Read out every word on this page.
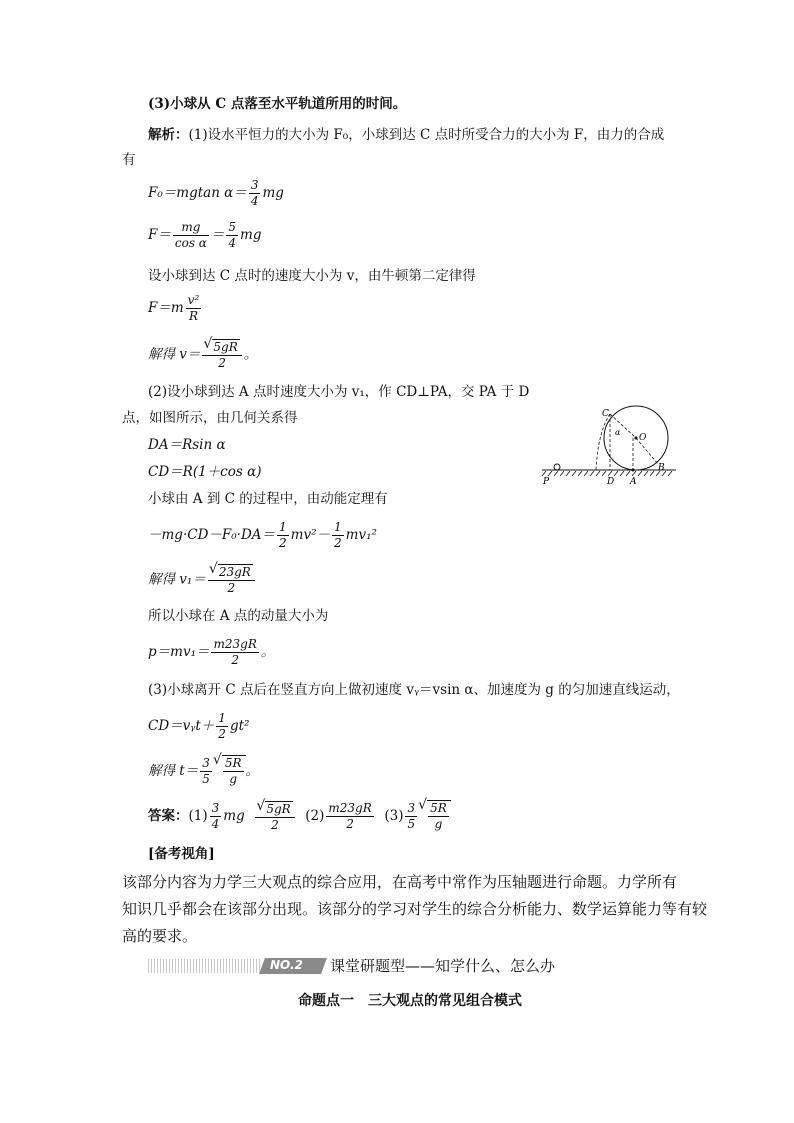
(3)小球从 C 点落至水平轨道所用的时间。
解析：(1)设水平恒力的大小为 F₀，小球到达 C 点时所受合力的大小为 F，由力的合成
有
F₀＝mgtan $\alpha= \frac{3}{4}$ mg
$F= \frac{mg}{\text{cos α}} = \frac{5}{4}$ mg
设小球到达 C 点时的速度大小为 v，由牛顿第二定律得
$F=m \frac{\text{v²}}{R}$
解得 v＝ √ $\frac{5gR}{2}$ 。
(2)设小球到达 A 点时速度大小为 v₁，作 CD⊥PA，交 PA 于 D
点，如图所示，由几何关系得
DA＝Rsin α
CD＝R(1＋cos α)
小球由 A 到 C 的过程中，由动能定理有
$-mg\cdot CD-F_0\cdot DA= \frac{1}{2} mv^2- \frac{1}{2} mv_1^2$
解得 v₁＝ √ $\frac{23gR}{2}$
所以小球在 A 点的动量大小为
$p=mv_1= \frac{m23gR}{2}$ 。
(3)小球离开 C 点后在竖直方向上做初速度 vᵧ＝vsin α、加速度为 g 的匀加速直线运动，
CD＝vᵧt＋ $\frac{1}{2} gt^2$
解得 $t= \frac{3}{5}$ √ $\frac{5R}{g}$ 。
答案：$(1) \frac{3}{4}$ mg √ $\frac{5gR}{2} (2) \frac{m23gR}{2} (3) \frac{3}{5}$ √ $\frac{5R}{g}$
[备考视角]
该部分内容为力学三大观点的综合应用，在高考中常作为压轴题进行命题。力学所有
知识几乎都会在该部分出现。该部分的学习对学生的综合分析能力、数学运算能力等有较
高的要求。
NO.2 课堂研题型——知学什么、怎么办
命题点一　三大观点的常见组合模式
C
α
O
B
P	D A
